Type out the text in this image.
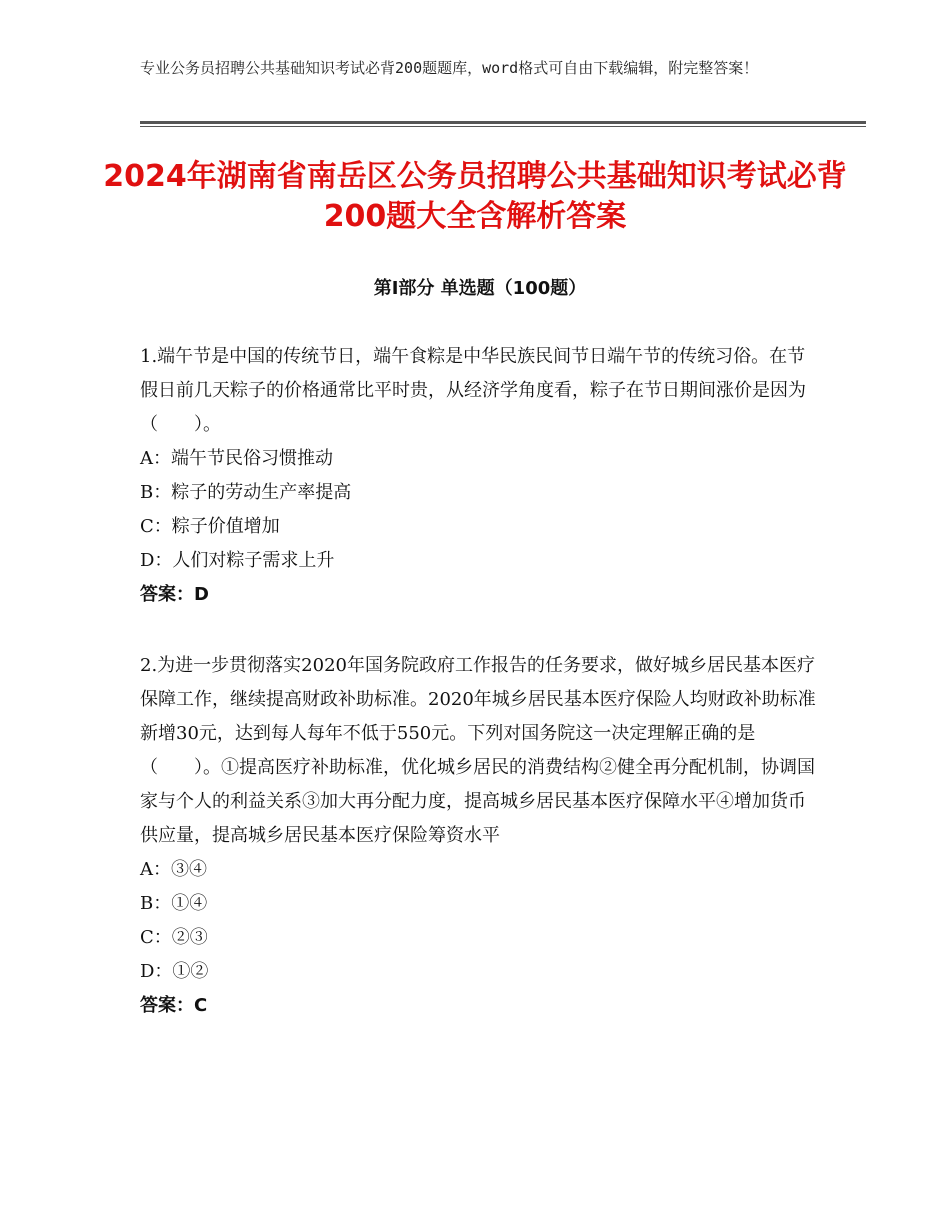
专业公务员招聘公共基础知识考试必背200题题库，word格式可自由下载编辑，附完整答案！
2024年湖南省南岳区公务员招聘公共基础知识考试必背200题大全含解析答案
第Ⅰ部分 单选题（100题）
1.端午节是中国的传统节日，端午食粽是中华民族民间节日端午节的传统习俗。在节假日前几天粽子的价格通常比平时贵，从经济学角度看，粽子在节日期间涨价是因为（　　）。
A：端午节民俗习惯推动
B：粽子的劳动生产率提高
C：粽子价值增加
D：人们对粽子需求上升
答案：D
2.为进一步贯彻落实2020年国务院政府工作报告的任务要求，做好城乡居民基本医疗保障工作，继续提高财政补助标准。2020年城乡居民基本医疗保险人均财政补助标准新增30元，达到每人每年不低于550元。下列对国务院这一决定理解正确的是（　　）。①提高医疗补助标准，优化城乡居民的消费结构②健全再分配机制，协调国家与个人的利益关系③加大再分配力度，提高城乡居民基本医疗保障水平④增加货币供应量，提高城乡居民基本医疗保险筹资水平
A：③④
B：①④
C：②③
D：①②
答案：C
